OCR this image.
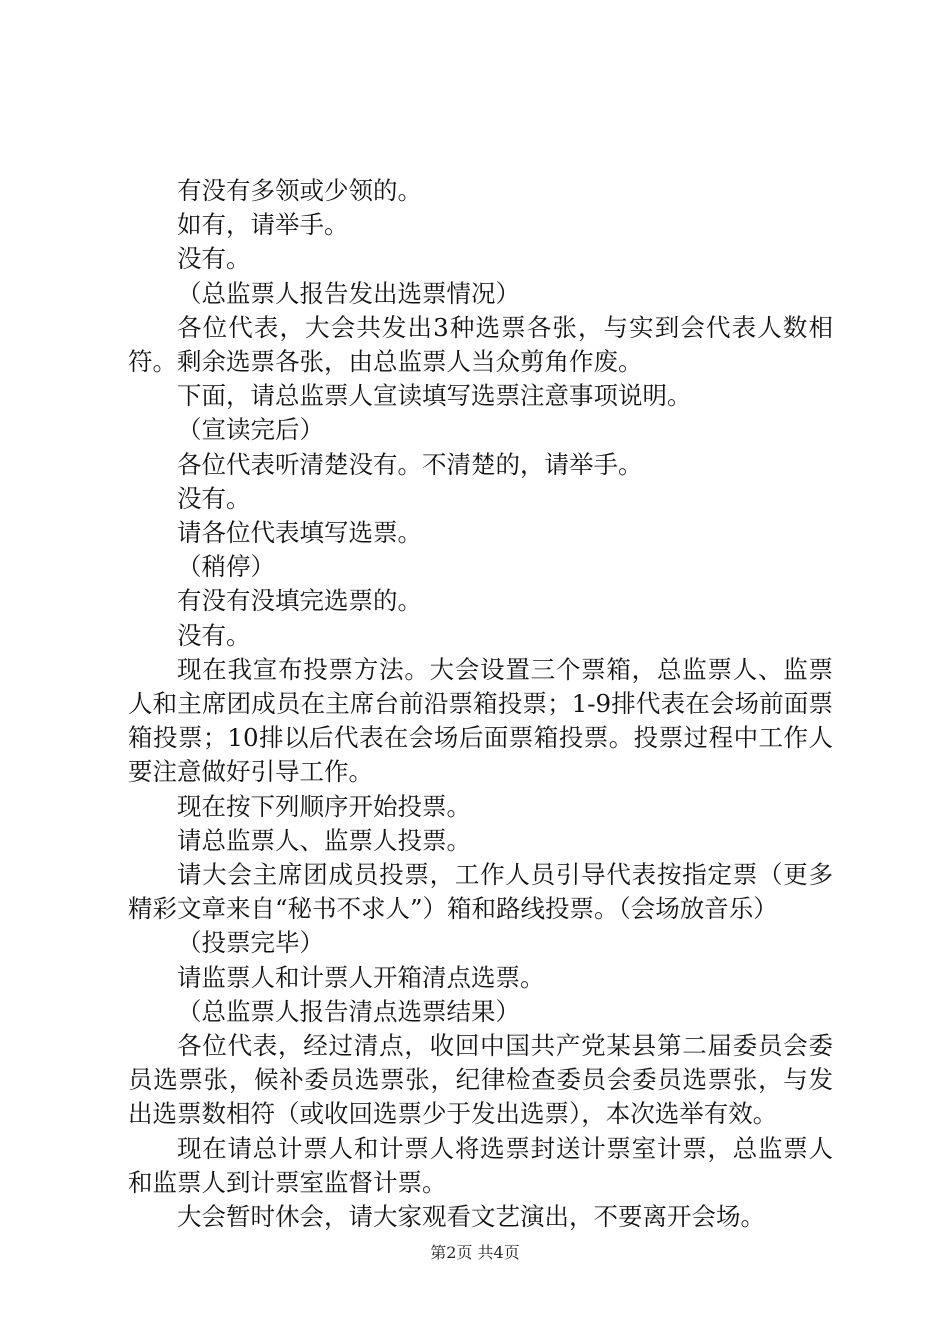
有没有多领或少领的。

如有，请举手。

没有。

（总监票人报告发出选票情况）

各位代表，大会共发出3种选票各张，与实到会代表人数相符。剩余选票各张，由总监票人当众剪角作废。

下面，请总监票人宣读填写选票注意事项说明。

（宣读完后）

各位代表听清楚没有。不清楚的，请举手。

没有。

请各位代表填写选票。

（稍停）

有没有没填完选票的。

没有。

现在我宣布投票方法。大会设置三个票箱，总监票人、监票人和主席团成员在主席台前沿票箱投票；1-9排代表在会场前面票箱投票；10排以后代表在会场后面票箱投票。投票过程中工作人要注意做好引导工作。

现在按下列顺序开始投票。

请总监票人、监票人投票。

请大会主席团成员投票，工作人员引导代表按指定票（更多精彩文章来自“秘书不求人”）箱和路线投票。（会场放音乐）

（投票完毕）

请监票人和计票人开箱清点选票。

（总监票人报告清点选票结果）

各位代表，经过清点，收回中国共产党某县第二届委员会委员选票张，候补委员选票张，纪律检查委员会委员选票张，与发出选票数相符（或收回选票少于发出选票），本次选举有效。

现在请总计票人和计票人将选票封送计票室计票，总监票人和监票人到计票室监督计票。

大会暂时休会，请大家观看文艺演出，不要离开会场。

第2页 共4页
